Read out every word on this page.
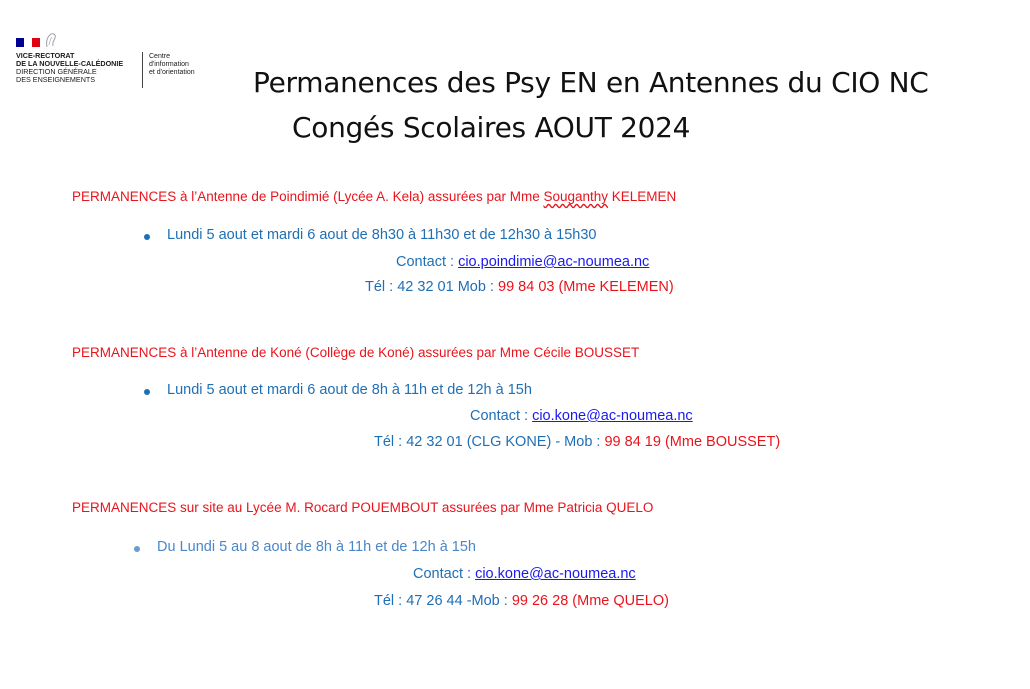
VICE-RECTORAT
DE LA NOUVELLE-CALÉDONIE
DIRECTION GÉNÉRALE
DES ENSEIGNEMENTS
Centre
d'information
et d'orientation Permanences des Psy EN en Antennes du CIO NC
Congés Scolaires AOUT 2024
PERMANENCES à l’Antenne de Poindimié (Lycée A. Kela) assurées par Mme Souganthy KELEMEN
Lundi 5 aout et mardi 6 aout de 8h30 à 11h30 et de 12h30 à 15h30
Contact : cio.poindimie@ac-noumea.nc
Tél : 42 32 01 Mob : 99 84 03 (Mme KELEMEN)
PERMANENCES à l’Antenne de Koné (Collège de Koné) assurées par Mme Cécile BOUSSET
Lundi 5 aout et mardi 6 aout de 8h à 11h et de 12h à 15h
Contact : cio.kone@ac-noumea.nc
Tél : 42 32 01 (CLG KONE) - Mob : 99 84 19 (Mme BOUSSET)
PERMANENCES sur site au Lycée M. Rocard POUEMBOUT assurées par Mme Patricia QUELO
Du Lundi 5 au 8 aout de 8h à 11h et de 12h à 15h
Contact : cio.kone@ac-noumea.nc
Tél : 47 26 44 -Mob : 99 26 28 (Mme QUELO)
